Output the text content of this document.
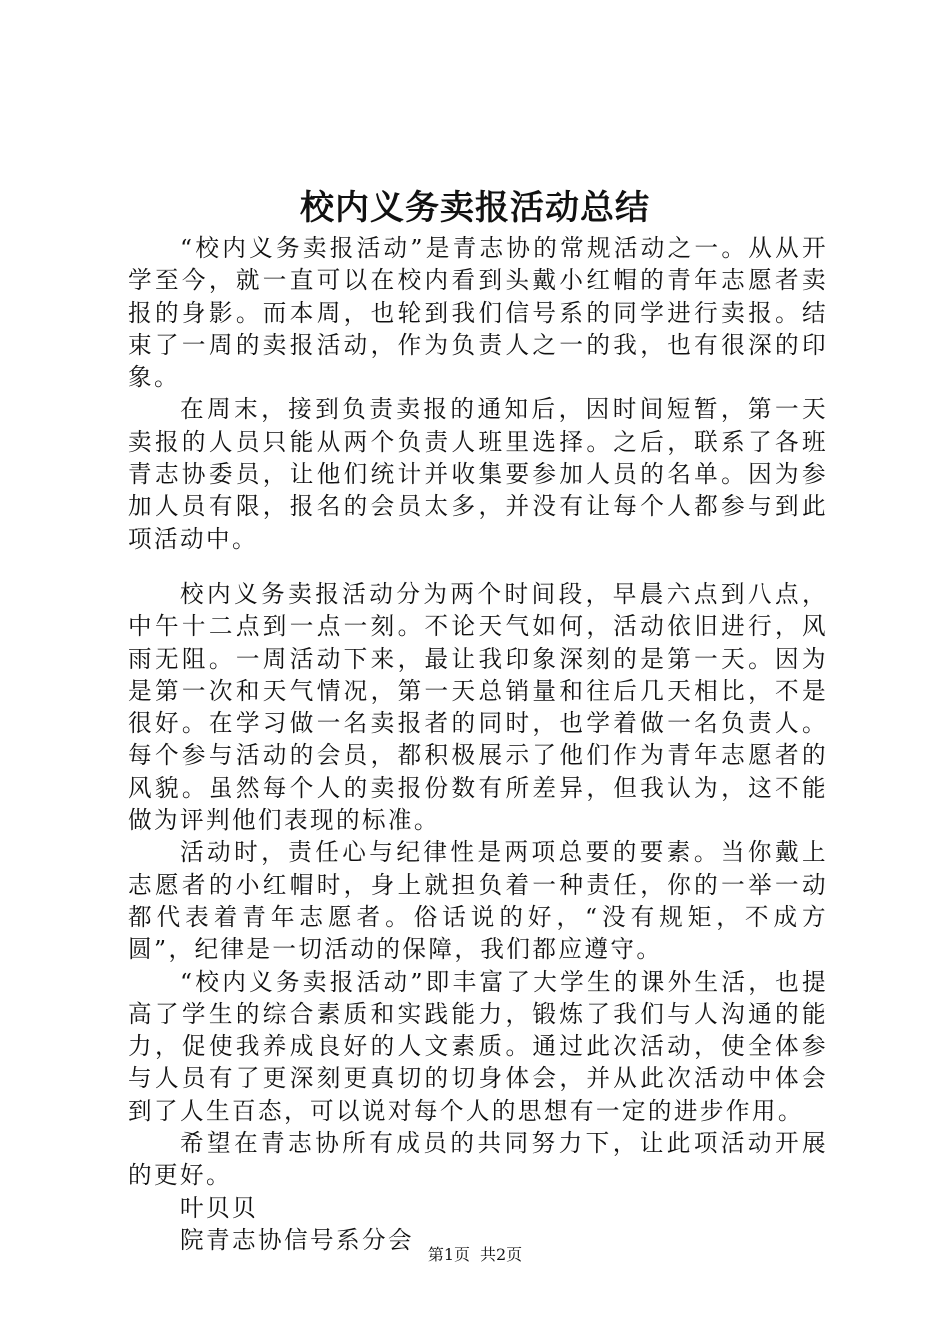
校内义务卖报活动总结

“校内义务卖报活动”是青志协的常规活动之一。从从开学至今，就一直可以在校内看到头戴小红帽的青年志愿者卖报的身影。而本周，也轮到我们信号系的同学进行卖报。结束了一周的卖报活动，作为负责人之一的我，也有很深的印象。

在周末，接到负责卖报的通知后，因时间短暂，第一天卖报的人员只能从两个负责人班里选择。之后，联系了各班青志协委员，让他们统计并收集要参加人员的名单。因为参加人员有限，报名的会员太多，并没有让每个人都参与到此项活动中。

校内义务卖报活动分为两个时间段，早晨六点到八点，中午十二点到一点一刻。不论天气如何，活动依旧进行，风雨无阻。一周活动下来，最让我印象深刻的是第一天。因为是第一次和天气情况，第一天总销量和往后几天相比，不是很好。在学习做一名卖报者的同时，也学着做一名负责人。每个参与活动的会员，都积极展示了他们作为青年志愿者的风貌。虽然每个人的卖报份数有所差异，但我认为，这不能做为评判他们表现的标准。

活动时，责任心与纪律性是两项总要的要素。当你戴上志愿者的小红帽时，身上就担负着一种责任，你的一举一动都代表着青年志愿者。俗话说的好，“没有规矩，不成方圆”，纪律是一切活动的保障，我们都应遵守。

“校内义务卖报活动”即丰富了大学生的课外生活，也提高了学生的综合素质和实践能力，锻炼了我们与人沟通的能力，促使我养成良好的人文素质。通过此次活动，使全体参与人员有了更深刻更真切的切身体会，并从此次活动中体会到了人生百态，可以说对每个人的思想有一定的进步作用。

希望在青志协所有成员的共同努力下，让此项活动开展的更好。

叶贝贝
院青志协信号系分会
第1页 共2页
